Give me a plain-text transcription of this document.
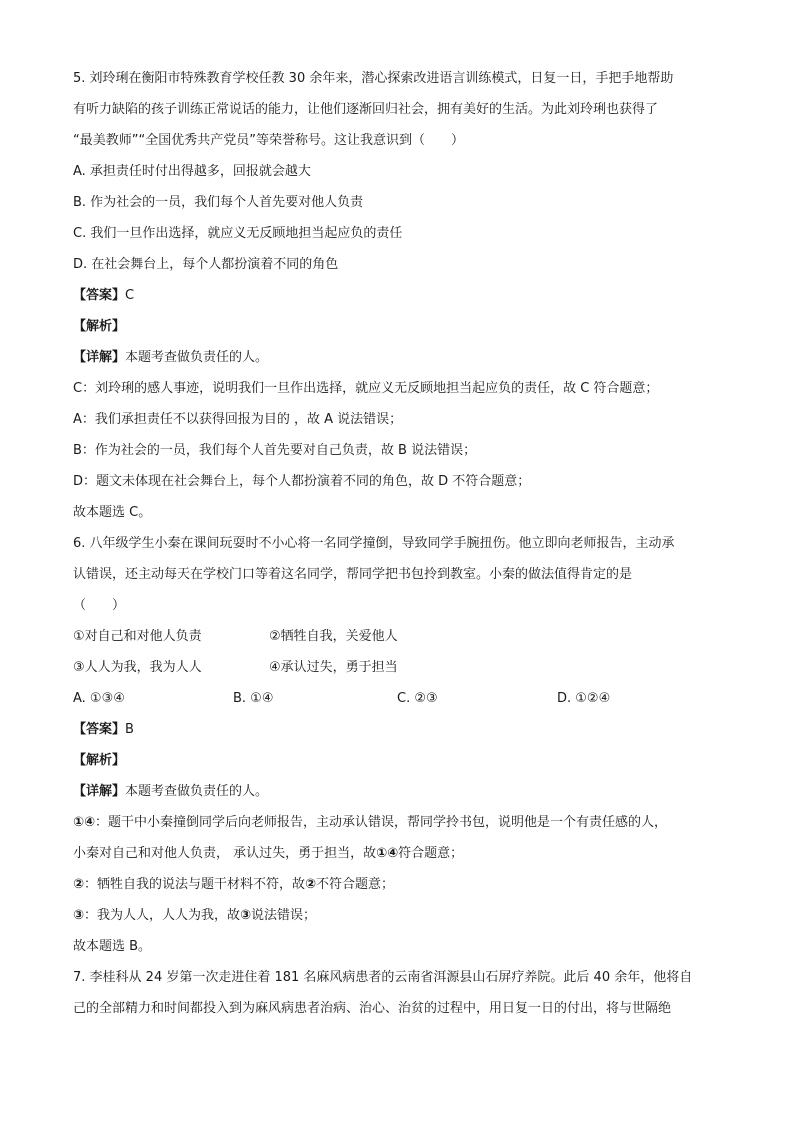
5. 刘玲琍在衡阳市特殊教育学校任教 30 余年来，潜心探索改进语言训练模式，日复一日，手把手地帮助
有听力缺陷的孩子训练正常说话的能力，让他们逐渐回归社会，拥有美好的生活。为此刘玲琍也获得了
“最美教师”“全国优秀共产党员”等荣誉称号。这让我意识到（　　）
A. 承担责任时付出得越多，回报就会越大
B. 作为社会的一员，我们每个人首先要对他人负责
C. 我们一旦作出选择，就应义无反顾地担当起应负的责任
D. 在社会舞台上，每个人都扮演着不同的角色
【答案】C
【解析】
【详解】本题考查做负责任的人。
C：刘玲琍的感人事迹，说明我们一旦作出选择，就应义无反顾地担当起应负的责任，故 C 符合题意；
A：我们承担责任不以获得回报为目的 ，故 A 说法错误；
B：作为社会的一员，我们每个人首先要对自己负责，故 B 说法错误；
D：题文未体现在社会舞台上，每个人都扮演着不同的角色，故 D 不符合题意；
故本题选 C。
6. 八年级学生小秦在课间玩耍时不小心将一名同学撞倒，导致同学手腕扭伤。他立即向老师报告，主动承
认错误，还主动每天在学校门口等着这名同学，帮同学把书包拎到教室。小秦的做法值得肯定的是
（　　）
①对自己和对他人负责	②牺牲自我，关爱他人
③人人为我，我为人人	④承认过失，勇于担当
A. ①③④	B. ①④	C. ②③	D. ①②④
【答案】B
【解析】
【详解】本题考查做负责任的人。
①④：题干中小秦撞倒同学后向老师报告，主动承认错误，帮同学拎书包，说明他是一个有责任感的人，
小秦对自己和对他人负责， 承认过失，勇于担当，故①④符合题意；
②：牺牲自我的说法与题干材料不符，故②不符合题意；
③：我为人人，人人为我，故③说法错误；
故本题选 B。
7. 李桂科从 24 岁第一次走进住着 181 名麻风病患者的云南省洱源县山石屏疗养院。此后 40 余年，他将自
己的全部精力和时间都投入到为麻风病患者治病、治心、治贫的过程中，用日复一日的付出，将与世隔绝
